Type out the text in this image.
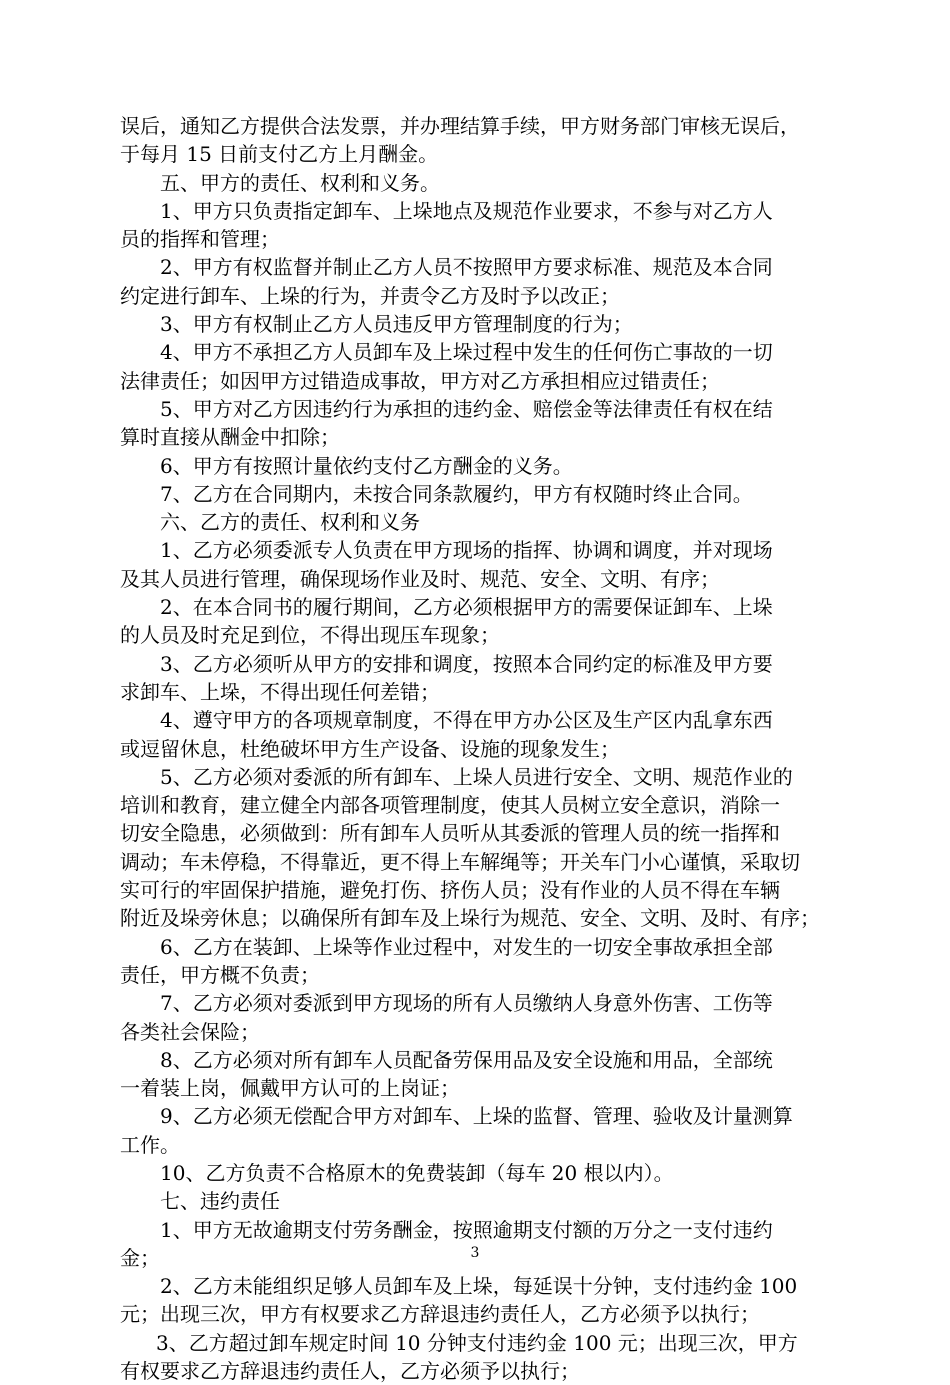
误后，通知乙方提供合法发票，并办理结算手续，甲方财务部门审核无误后，
于每月 15 日前支付乙方上月酬金。
五、甲方的责任、权利和义务。
1、甲方只负责指定卸车、上垛地点及规范作业要求，不参与对乙方人
员的指挥和管理；
2、甲方有权监督并制止乙方人员不按照甲方要求标准、规范及本合同
约定进行卸车、上垛的行为，并责令乙方及时予以改正；
3、甲方有权制止乙方人员违反甲方管理制度的行为；
4、甲方不承担乙方人员卸车及上垛过程中发生的任何伤亡事故的一切
法律责任；如因甲方过错造成事故，甲方对乙方承担相应过错责任；
5、甲方对乙方因违约行为承担的违约金、赔偿金等法律责任有权在结
算时直接从酬金中扣除；
6、甲方有按照计量依约支付乙方酬金的义务。
7、乙方在合同期内，未按合同条款履约，甲方有权随时终止合同。
六、乙方的责任、权利和义务
1、乙方必须委派专人负责在甲方现场的指挥、协调和调度，并对现场
及其人员进行管理，确保现场作业及时、规范、安全、文明、有序；
2、在本合同书的履行期间，乙方必须根据甲方的需要保证卸车、上垛
的人员及时充足到位，不得出现压车现象；
3、乙方必须听从甲方的安排和调度，按照本合同约定的标准及甲方要
求卸车、上垛，不得出现任何差错；
4、遵守甲方的各项规章制度，不得在甲方办公区及生产区内乱拿东西
或逗留休息，杜绝破坏甲方生产设备、设施的现象发生；
5、乙方必须对委派的所有卸车、上垛人员进行安全、文明、规范作业的
培训和教育，建立健全内部各项管理制度，使其人员树立安全意识，消除一
切安全隐患，必须做到：所有卸车人员听从其委派的管理人员的统一指挥和
调动；车未停稳，不得靠近，更不得上车解绳等；开关车门小心谨慎，采取切
实可行的牢固保护措施，避免打伤、挤伤人员；没有作业的人员不得在车辆
附近及垛旁休息；以确保所有卸车及上垛行为规范、安全、文明、及时、有序；
6、乙方在装卸、上垛等作业过程中，对发生的一切安全事故承担全部
责任，甲方概不负责；
7、乙方必须对委派到甲方现场的所有人员缴纳人身意外伤害、工伤等
各类社会保险；
8、乙方必须对所有卸车人员配备劳保用品及安全设施和用品，全部统
一着装上岗，佩戴甲方认可的上岗证；
9、乙方必须无偿配合甲方对卸车、上垛的监督、管理、验收及计量测算
工作。
10、乙方负责不合格原木的免费装卸（每车 20 根以内）。
七、违约责任
1、甲方无故逾期支付劳务酬金，按照逾期支付额的万分之一支付违约
金；
2、乙方未能组织足够人员卸车及上垛，每延误十分钟，支付违约金 100
元；出现三次，甲方有权要求乙方辞退违约责任人，乙方必须予以执行；
3、乙方超过卸车规定时间 10 分钟支付违约金 100 元；出现三次，甲方
有权要求乙方辞退违约责任人，乙方必须予以执行；
3
